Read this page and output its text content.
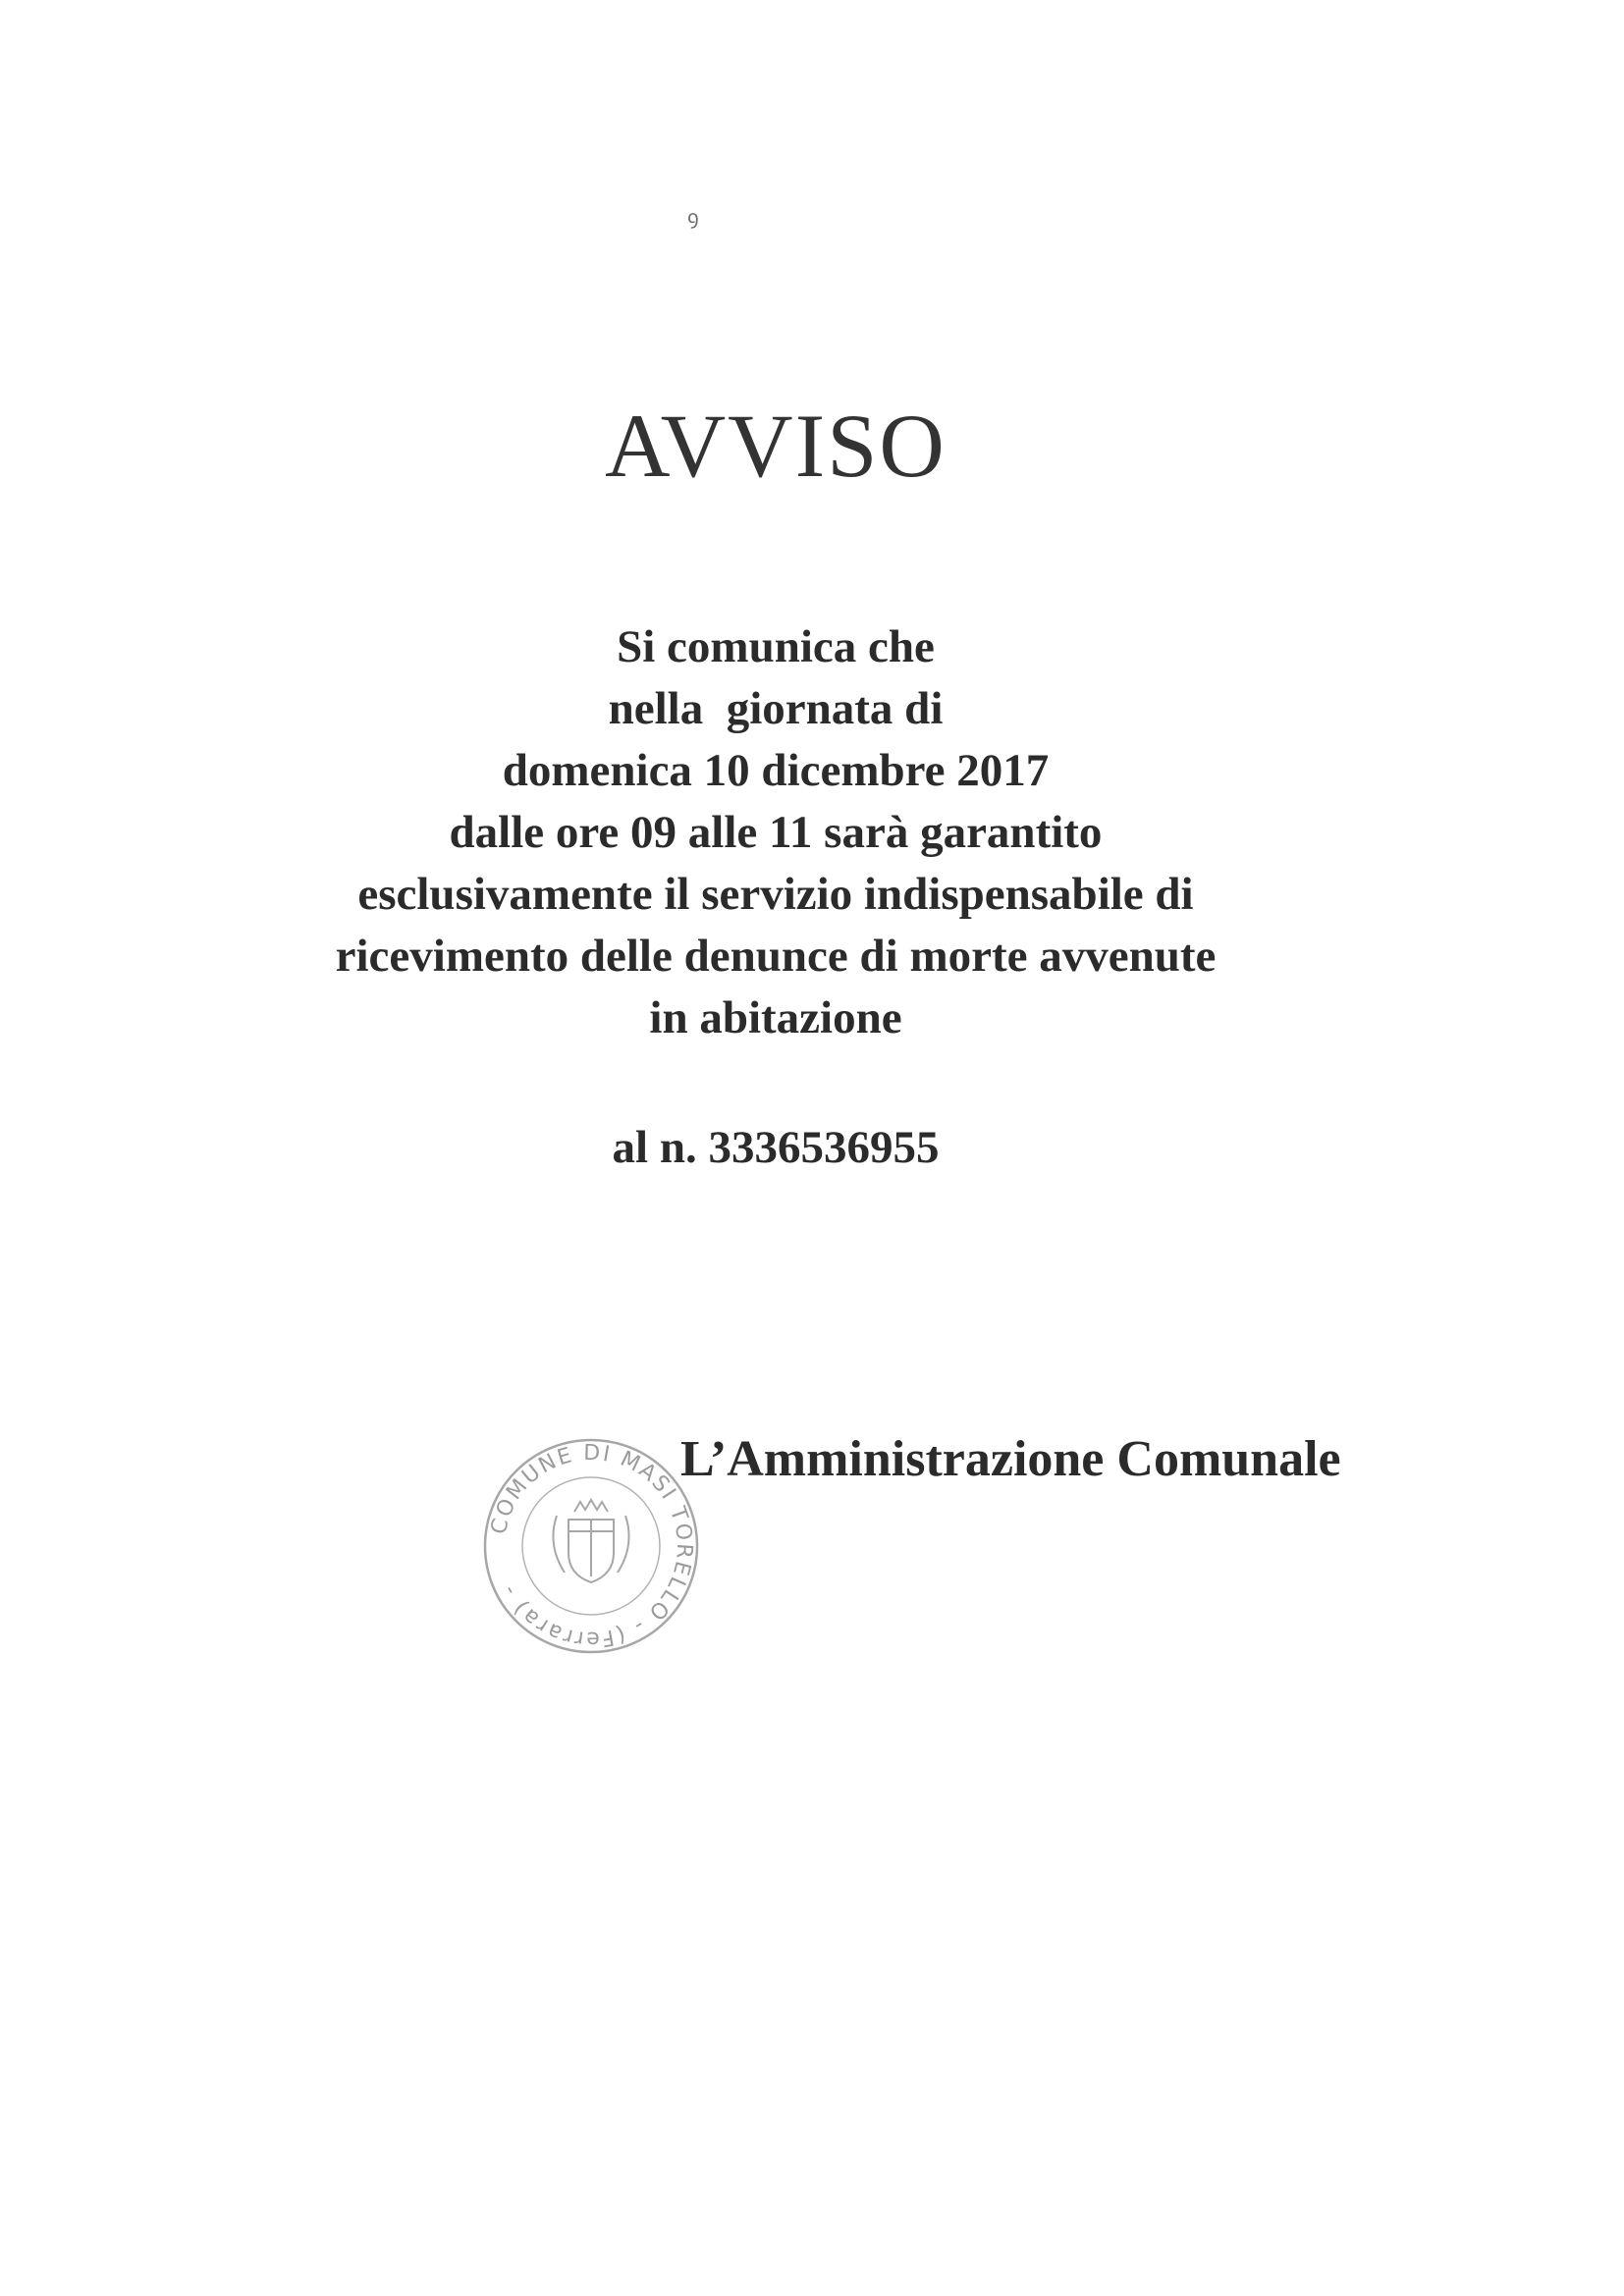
ꝯ
AVVISO
Si comunica che
nella  giornata di
domenica 10 dicembre 2017
dalle ore 09 alle 11 sarà garantito
esclusivamente il servizio indispensabile di
ricevimento delle denunce di morte avvenute
in abitazione
al n. 3336536955
COMUNE DI MASI TORELLO - (Ferrara) -
L’Amministrazione Comunale
